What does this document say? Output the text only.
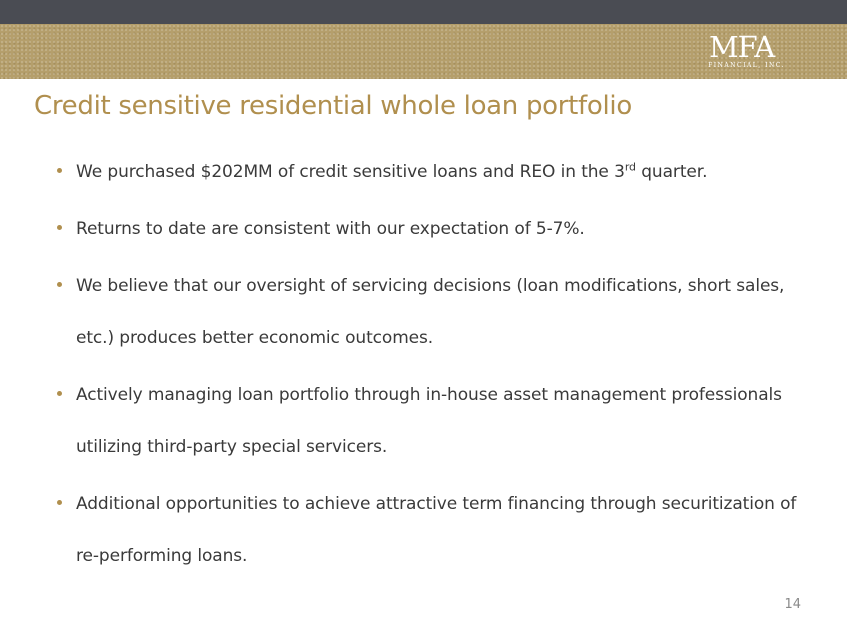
MFA
FINANCIAL, INC.
Credit sensitive residential whole loan portfolio
We purchased $202MM of credit sensitive loans and REO in the 3rd quarter.
Returns to date are consistent with our expectation of 5-7%.
We believe that our oversight of servicing decisions (loan modifications, short sales, etc.) produces better economic outcomes.
Actively managing loan portfolio through in-house asset management professionals utilizing third-party special servicers.
Additional opportunities to achieve attractive term financing through securitization of re-performing loans.
14
